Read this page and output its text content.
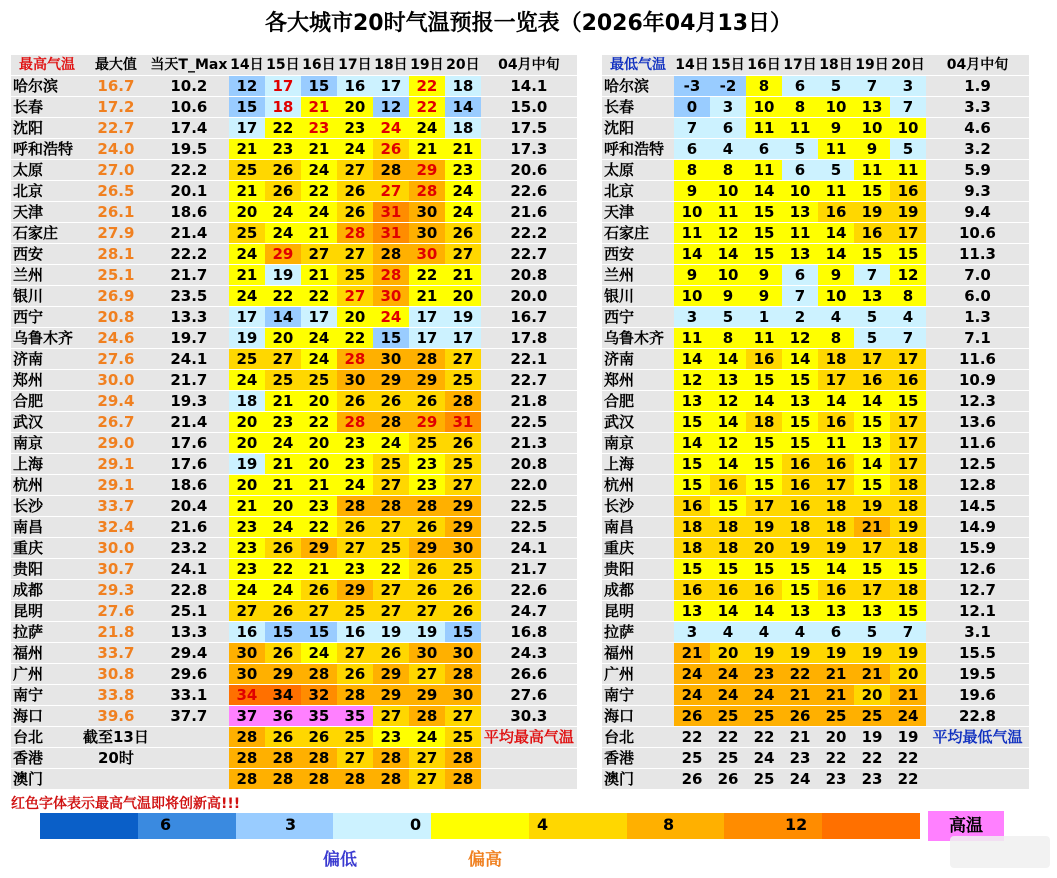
各大城市20时气温预报一览表（2026年04月13日）
最高气温	最大值	当天T_Max	14日	15日	16日	17日	18日	19日	20日	04月中旬
哈尔滨	16.7	10.2	12	17	15	16	17	22	18	14.1
长春	17.2	10.6	15	18	21	20	12	22	14	15.0
沈阳	22.7	17.4	17	22	23	23	24	24	18	17.5
呼和浩特	24.0	19.5	21	23	21	24	26	21	21	17.3
太原	27.0	22.2	25	26	24	27	28	29	23	20.6
北京	26.5	20.1	21	26	22	26	27	28	24	22.6
天津	26.1	18.6	20	24	24	26	31	30	24	21.6
石家庄	27.9	21.4	25	24	21	28	31	30	26	22.2
西安	28.1	22.2	24	29	27	27	28	30	27	22.7
兰州	25.1	21.7	21	19	21	25	28	22	21	20.8
银川	26.9	23.5	24	22	22	27	30	21	20	20.0
西宁	20.8	13.3	17	14	17	20	24	17	19	16.7
乌鲁木齐	24.6	19.7	19	20	24	22	15	17	17	17.8
济南	27.6	24.1	25	27	24	28	30	28	27	22.1
郑州	30.0	21.7	24	25	25	30	29	29	25	22.7
合肥	29.4	19.3	18	21	20	26	26	26	28	21.8
武汉	26.7	21.4	20	23	22	28	28	29	31	22.5
南京	29.0	17.6	20	24	20	23	24	25	26	21.3
上海	29.1	17.6	19	21	20	23	25	23	25	20.8
杭州	29.1	18.6	20	21	21	24	27	23	27	22.0
长沙	33.7	20.4	21	20	23	28	28	28	29	22.5
南昌	32.4	21.6	23	24	22	26	27	26	29	22.5
重庆	30.0	23.2	23	26	29	27	25	29	30	24.1
贵阳	30.7	24.1	23	22	21	23	22	26	25	21.7
成都	29.3	22.8	24	24	26	29	27	26	26	22.6
昆明	27.6	25.1	27	26	27	25	27	27	26	24.7
拉萨	21.8	13.3	16	15	15	16	19	19	15	16.8
福州	33.7	29.4	30	26	24	27	26	30	30	24.3
广州	30.8	29.6	30	29	28	26	29	27	28	26.6
南宁	33.8	33.1	34	34	32	28	29	29	30	27.6
海口	39.6	37.7	37	36	35	35	27	28	27	30.3
台北	截至13日		28	26	26	25	23	24	25	平均最高气温
香港	20时		28	28	28	27	28	27	28	
澳门			28	28	28	28	28	27	28	
最低气温	14日	15日	16日	17日	18日	19日	20日	04月中旬
哈尔滨	-3	-2	8	6	5	7	3	1.9
长春	0	3	10	8	10	13	7	3.3
沈阳	7	6	11	11	9	10	10	4.6
呼和浩特	6	4	6	5	11	9	5	3.2
太原	8	8	11	6	5	11	11	5.9
北京	9	10	14	10	11	15	16	9.3
天津	10	11	15	13	16	19	19	9.4
石家庄	11	12	15	11	14	16	17	10.6
西安	14	14	15	13	14	15	15	11.3
兰州	9	10	9	6	9	7	12	7.0
银川	10	9	9	7	10	13	8	6.0
西宁	3	5	1	2	4	5	4	1.3
乌鲁木齐	11	8	11	12	8	5	7	7.1
济南	14	14	16	14	18	17	17	11.6
郑州	12	13	15	15	17	16	16	10.9
合肥	13	12	14	13	14	14	15	12.3
武汉	15	14	18	15	16	15	17	13.6
南京	14	12	15	15	11	13	17	11.6
上海	15	14	15	16	16	14	17	12.5
杭州	15	16	15	16	17	15	18	12.8
长沙	16	15	17	16	18	19	18	14.5
南昌	18	18	19	18	18	21	19	14.9
重庆	18	18	20	19	19	17	18	15.9
贵阳	15	15	15	15	14	15	15	12.6
成都	16	16	16	15	16	17	18	12.7
昆明	13	14	14	13	13	13	15	12.1
拉萨	3	4	4	4	6	5	7	3.1
福州	21	20	19	19	19	19	19	15.5
广州	24	24	23	22	21	21	20	19.5
南宁	24	24	24	21	21	20	21	19.6
海口	26	25	25	26	25	25	24	22.8
台北	22	22	22	21	20	19	19	平均最低气温
香港	25	25	24	23	22	22	22	
澳门	26	26	25	24	23	23	22	
红色字体表示最高气温即将创新高!!!
6	3	0	4	8	12	高温
偏低	偏高
